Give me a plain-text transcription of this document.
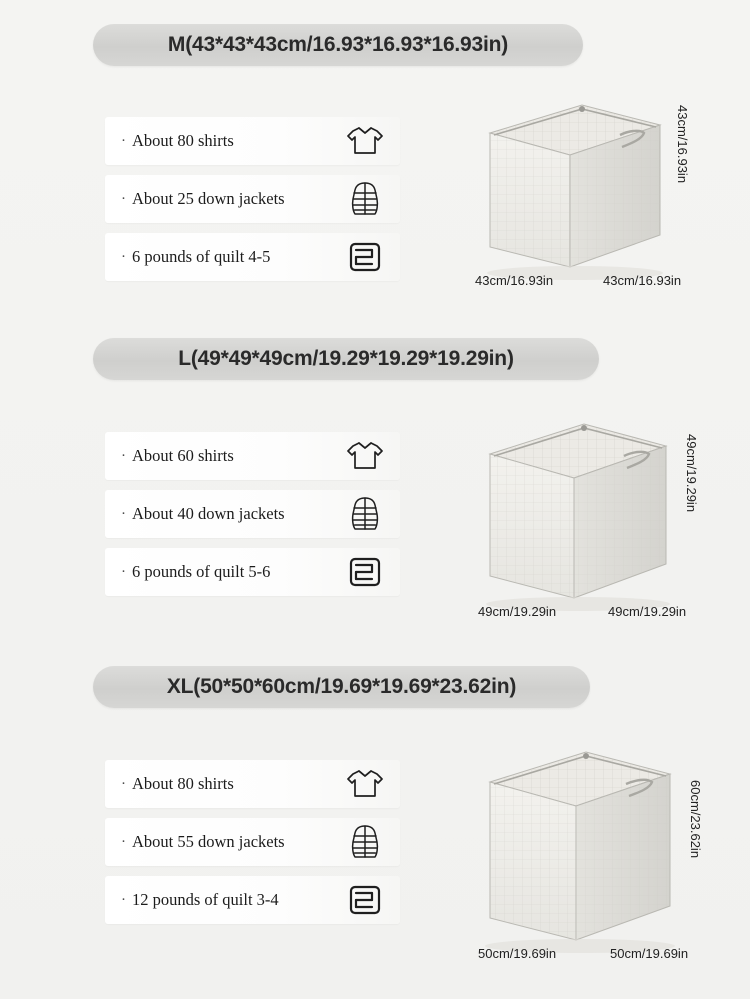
M(43*43*43cm/16.93*16.93*16.93in)
· About 80 shirts
· About 25 down jackets
· 6 pounds of quilt 4-5
43cm/16.93in
43cm/16.93in	43cm/16.93in
L(49*49*49cm/19.29*19.29*19.29in)
· About 60 shirts
· About 40 down jackets
· 6 pounds of quilt 5-6
49cm/19.29in
49cm/19.29in	49cm/19.29in
XL(50*50*60cm/19.69*19.69*23.62in)
· About 80 shirts
· About 55 down jackets
· 12 pounds of quilt 3-4
60cm/23.62in
50cm/19.69in	50cm/19.69in
